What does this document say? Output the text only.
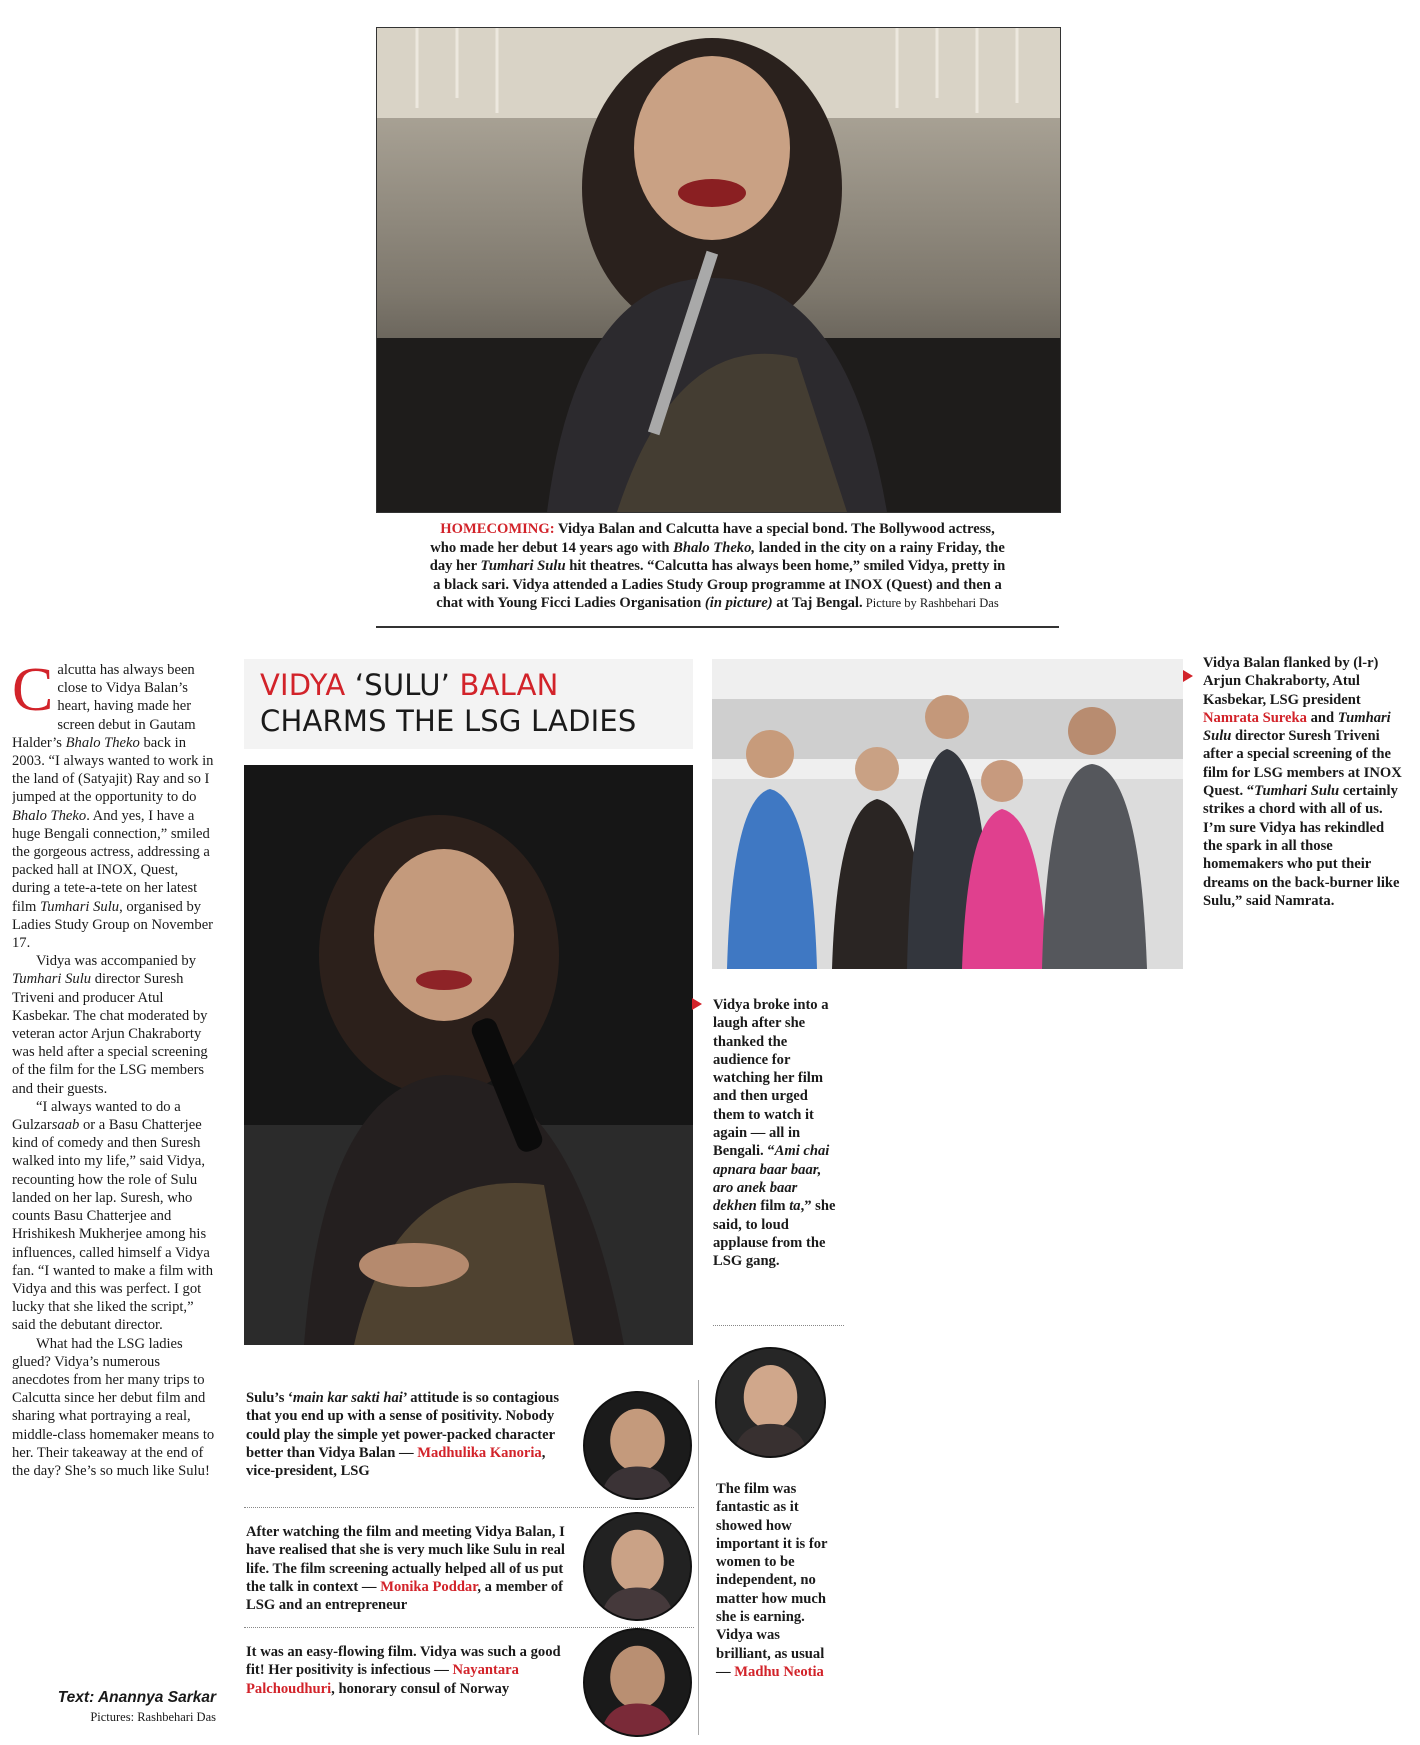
HOMECOMING: Vidya Balan and Calcutta have a special bond. The Bollywood actress,
who made her debut 14 years ago with Bhalo Theko, landed in the city on a rainy Friday, the
day her Tumhari Sulu hit theatres. “Calcutta has always been home,” smiled Vidya, pretty in
a black sari. Vidya attended a Ladies Study Group programme at INOX (Quest) and then a
chat with Young Ficci Ladies Organisation (in picture) at Taj Bengal. Picture by Rashbehari Das

Calcutta has always been close to Vidya Balan’s heart, having made her screen debut in Gautam Halder’s Bhalo Theko back in 2003. “I always wanted to work in the land of (Satyajit) Ray and so I jumped at the opportunity to do Bhalo Theko. And yes, I have a huge Bengali connection,” smiled the gorgeous actress, addressing a packed hall at INOX, Quest, during a tete-a-tete on her latest film Tumhari Sulu, organised by Ladies Study Group on November 17.

Vidya was accompanied by Tumhari Sulu director Suresh Triveni and producer Atul Kasbekar. The chat moderated by veteran actor Arjun Chakraborty was held after a special screening of the film for the LSG members and their guests.

“I always wanted to do a Gulzarsaab or a Basu Chatterjee kind of comedy and then Suresh walked into my life,” said Vidya, recounting how the role of Sulu landed on her lap. Suresh, who counts Basu Chatterjee and Hrishikesh Mukherjee among his influences, called himself a Vidya fan. “I wanted to make a film with Vidya and this was perfect. I got lucky that she liked the script,” said the debutant director.

What had the LSG ladies glued? Vidya’s numerous anecdotes from her many trips to Calcutta since her debut film and sharing what portraying a real, middle-class homemaker means to her. Their takeaway at the end of the day? She’s so much like Sulu!

Text: Anannya Sarkar
Pictures: Rashbehari Das
VIDYA ‘SULU’ BALAN
CHARMS THE LSG LADIES
Vidya Balan flanked by (l-r) Arjun Chakraborty, Atul Kasbekar, LSG president Namrata Sureka and Tumhari Sulu director Suresh Triveni after a special screening of the film for LSG members at INOX Quest. “Tumhari Sulu certainly strikes a chord with all of us. I’m sure Vidya has rekindled the spark in all those homemakers who put their dreams on the back-burner like Sulu,” said Namrata.
Vidya broke into a laugh after she thanked the audience for watching her film and then urged them to watch it again — all in Bengali. “Ami chai apnara baar baar, aro anek baar dekhen film ta,” she said, to loud applause from the LSG gang.
Sulu’s ‘main kar sakti hai’ attitude is so contagious that you end up with a sense of positivity. Nobody could play the simple yet power-packed character better than Vidya Balan — Madhulika Kanoria, vice-president, LSG
After watching the film and meeting Vidya Balan, I have realised that she is very much like Sulu in real life. The film screening actually helped all of us put the talk in context — Monika Poddar, a member of LSG and an entrepreneur
It was an easy-flowing film. Vidya was such a good fit! Her positivity is infectious — Nayantara Palchoudhuri, honorary consul of Norway
The film was fantastic as it showed how important it is for women to be independent, no matter how much she is earning. Vidya was brilliant, as usual — Madhu Neotia
